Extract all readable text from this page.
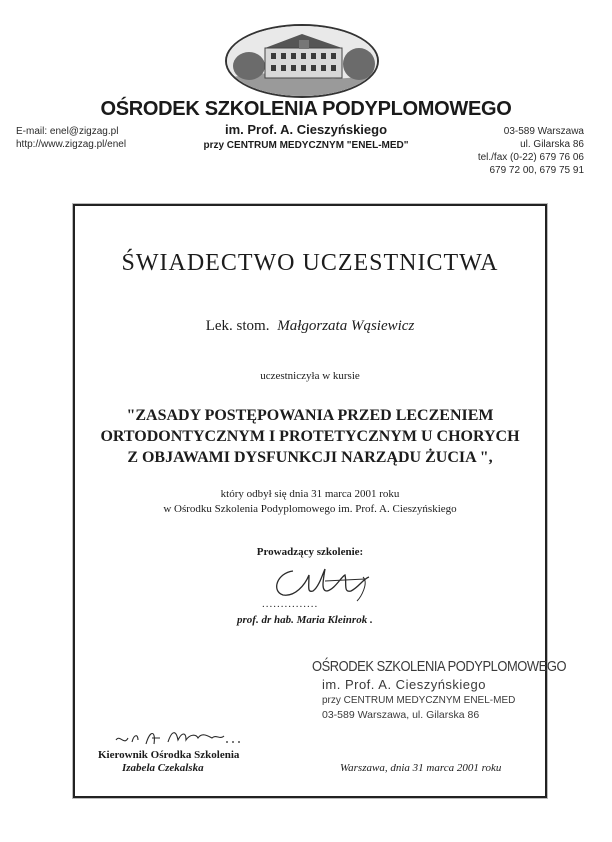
OŚRODEK SZKOLENIA PODYPLOMOWEGO
im. Prof. A. Cieszyńskiego
przy CENTRUM MEDYCZNYM "ENEL-MED"
E-mail: enel@zigzag.pl
http://www.zigzag.pl/enel
03-589 Warszawa
ul. Gilarska 86
tel./fax (0-22) 679 76 06
679 72 00, 679 75 91
ŚWIADECTWO UCZESTNICTWA
Lek. stom. Małgorzata Wąsiewicz
uczestniczyła w kursie
"ZASADY POSTĘPOWANIA PRZED LECZENIEM
ORTODONTYCZNYM I PROTETYCZNYM U CHORYCH
Z OBJAWAMI DYSFUNKCJI NARZĄDU ŻUCIA ",
który odbył się dnia 31 marca 2001 roku
w Ośrodku Szkolenia Podyplomowego im. Prof. A. Cieszyńskiego
Prowadzący szkolenie:
...............
prof. dr hab. Maria Kleinrok .
OŚRODEK SZKOLENIA PODYPLOMOWEGO
im. Prof. A. Cieszyńskiego
przy CENTRUM MEDYCZNYM ENEL-MED
03-589 Warszawa, ul. Gilarska 86
Kierownik Ośrodka Szkolenia
Izabela Czekalska	Warszawa, dnia 31 marca 2001 roku
